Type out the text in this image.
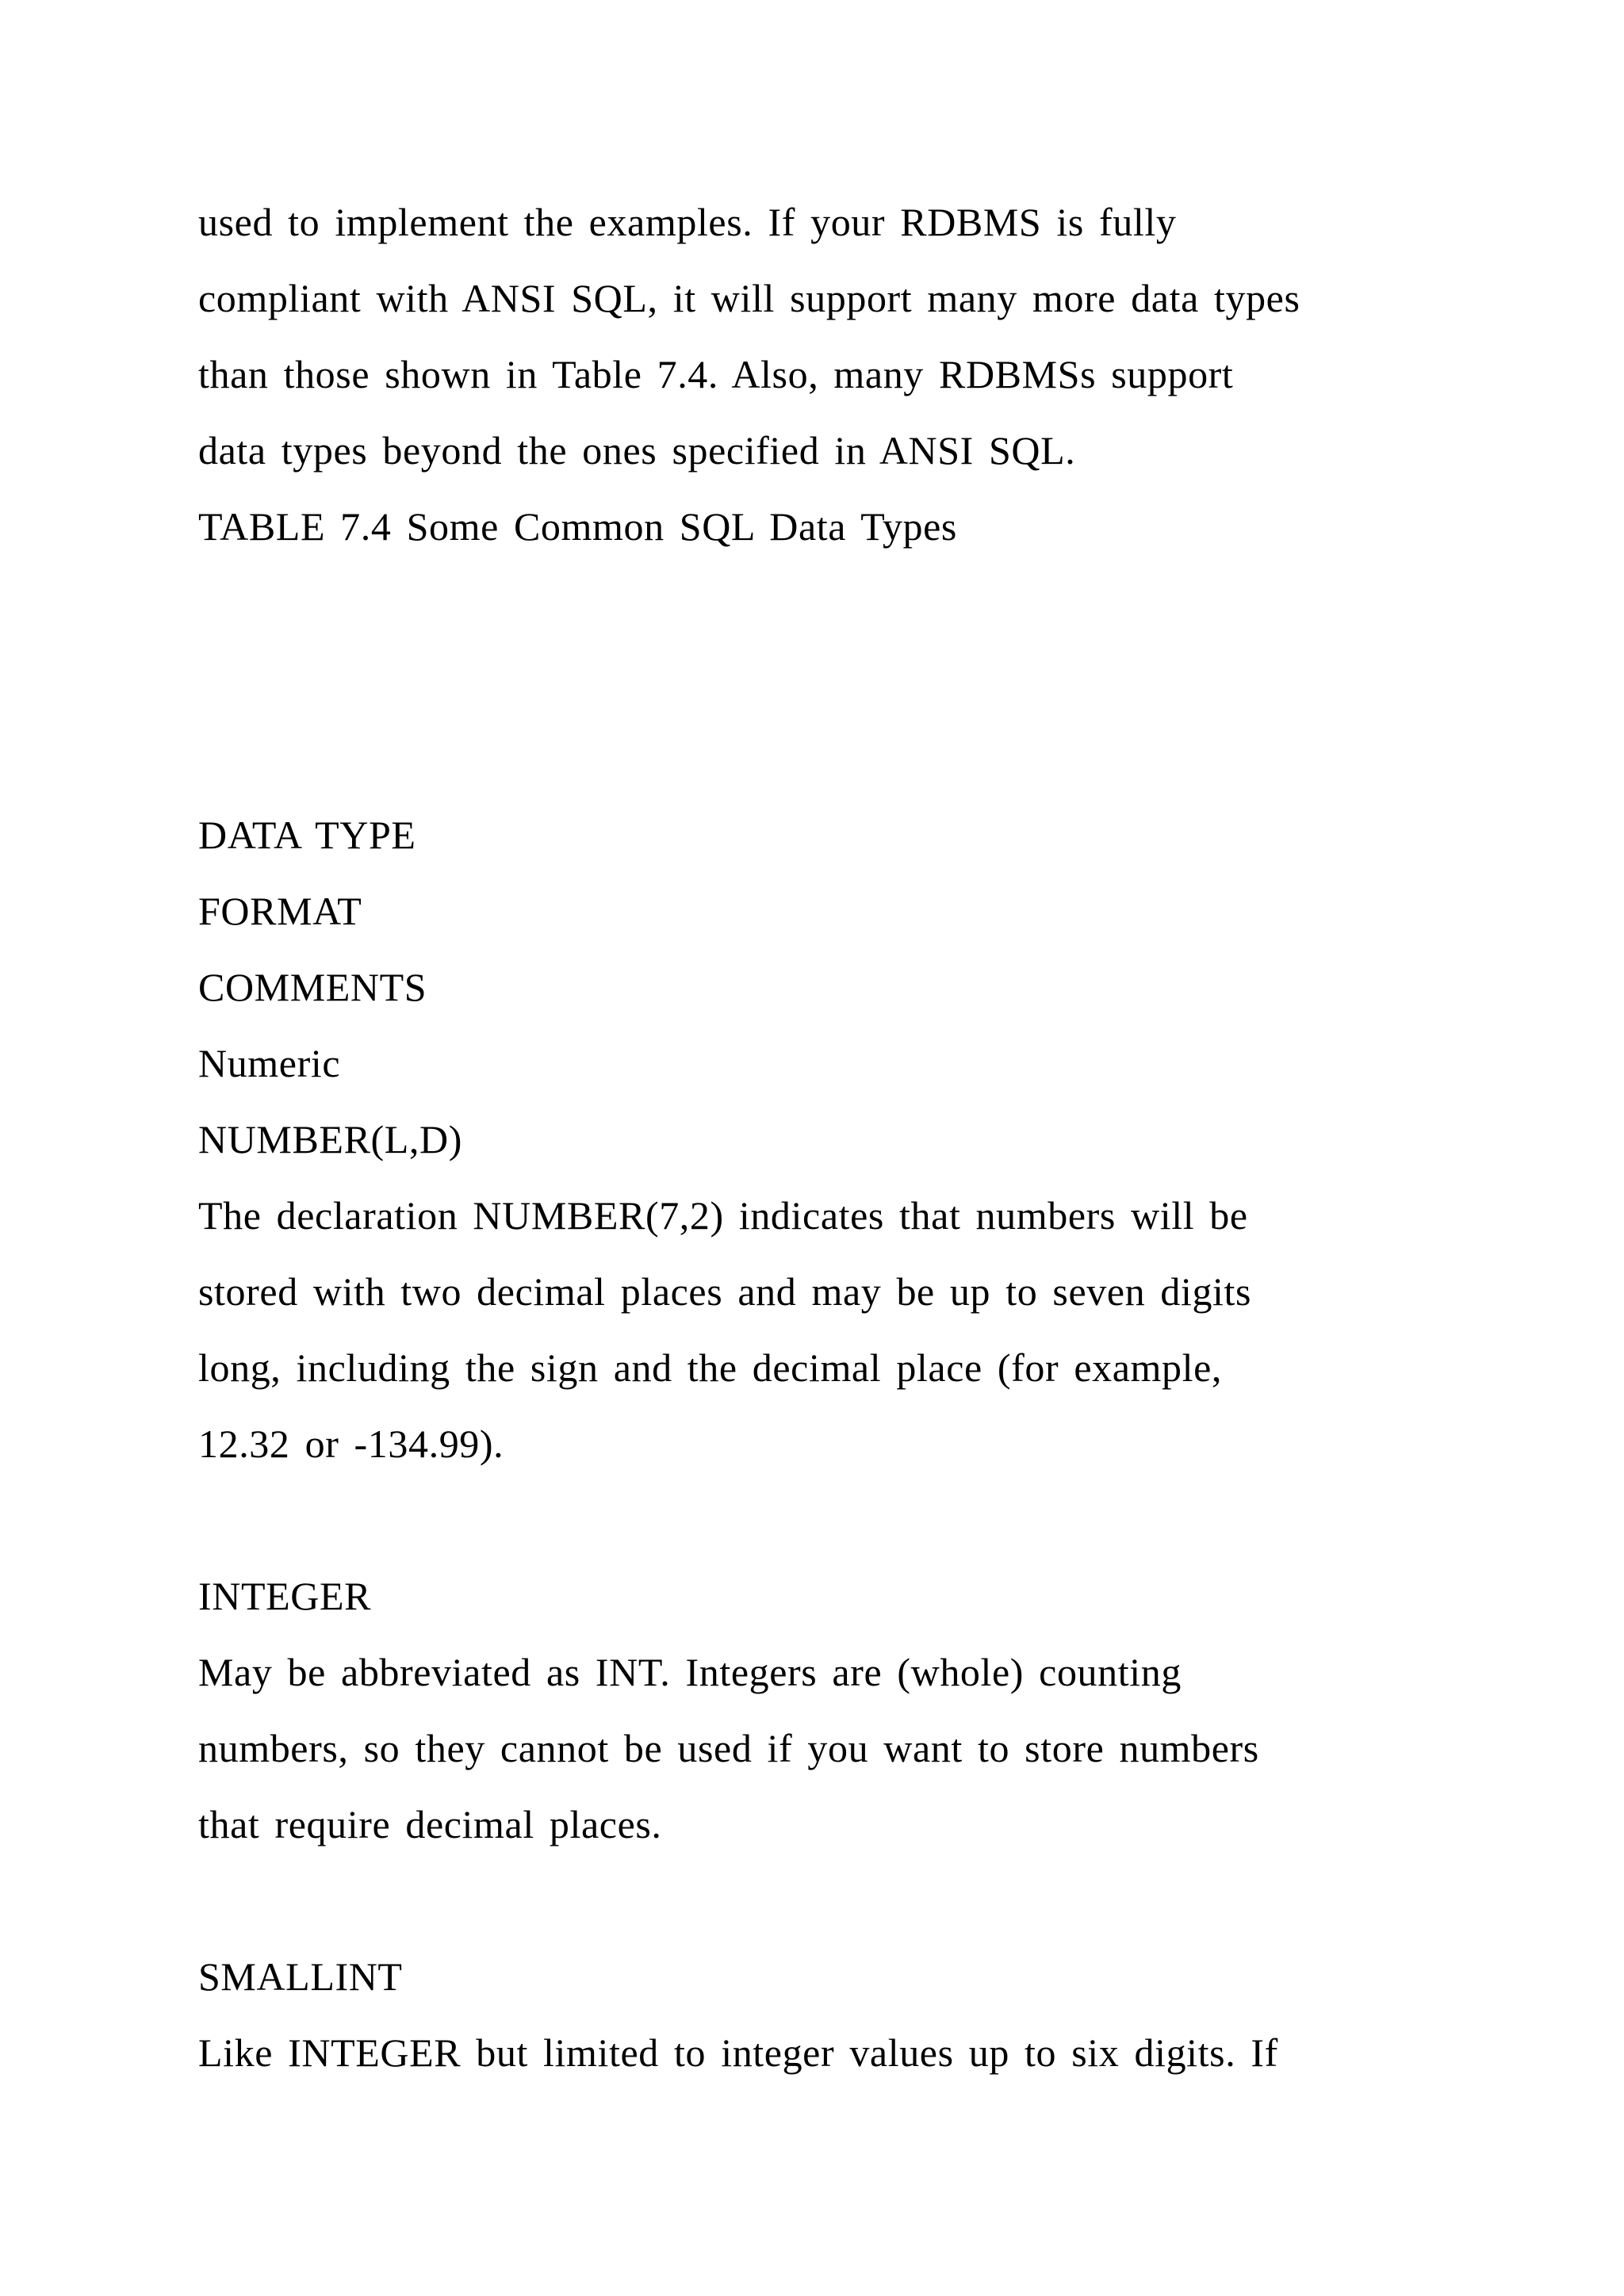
used to implement the examples. If your RDBMS is fully

compliant with ANSI SQL, it will support many more data types

than those shown in Table 7.4. Also, many RDBMSs support

data types beyond the ones specified in ANSI SQL.

TABLE 7.4 Some Common SQL Data Types

DATA TYPE

FORMAT

COMMENTS

Numeric

NUMBER(L,D)

The declaration NUMBER(7,2) indicates that numbers will be

stored with two decimal places and may be up to seven digits

long, including the sign and the decimal place (for example,

12.32 or -134.99).

INTEGER

May be abbreviated as INT. Integers are (whole) counting

numbers, so they cannot be used if you want to store numbers

that require decimal places.

SMALLINT

Like INTEGER but limited to integer values up to six digits. If
